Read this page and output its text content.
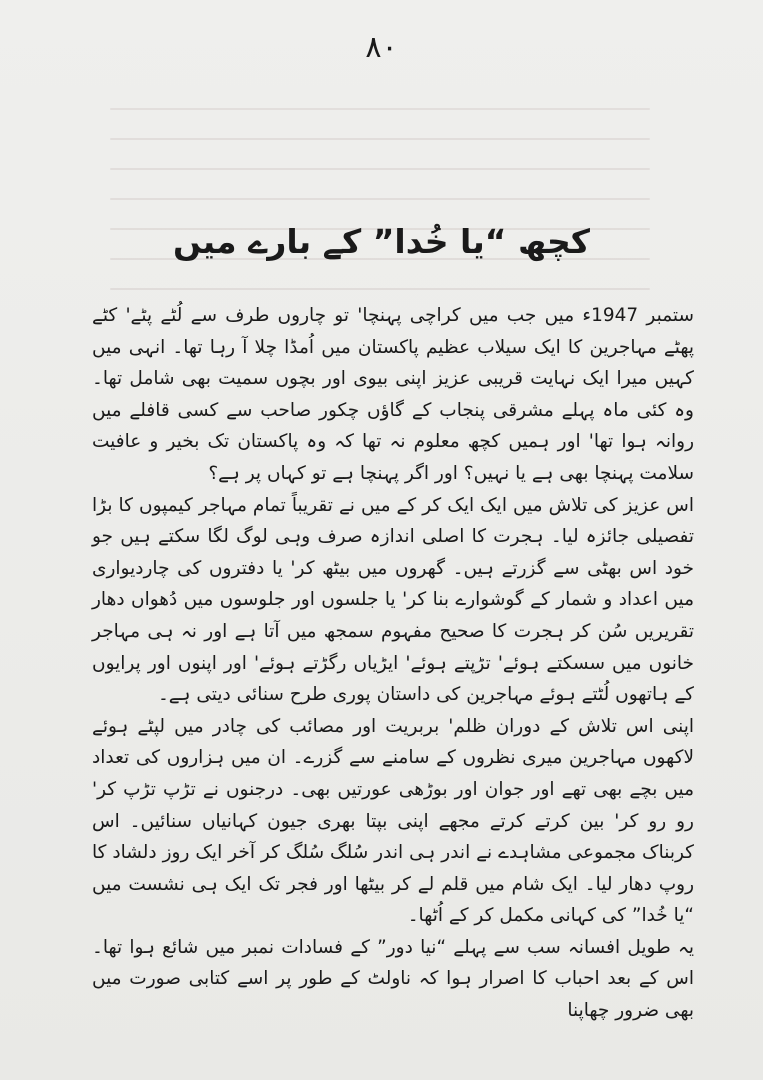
۸۰
کچھ “یا خُدا” کے بارے میں

ستمبر 1947ء میں جب میں کراچی پہنچا' تو چاروں طرف سے لُٹے پٹے' کٹے پھٹے مہاجرین کا ایک سیلاب عظیم پاکستان میں اُمڈا چلا آ رہا تھا۔ انہی میں کہیں میرا ایک نہایت قریبی عزیز اپنی بیوی اور بچوں سمیت بھی شامل تھا۔ وہ کئی ماہ پہلے مشرقی پنجاب کے گاؤں چکور صاحب سے کسی قافلے میں روانہ ہوا تھا' اور ہمیں کچھ معلوم نہ تھا کہ وہ پاکستان تک بخیر و عافیت سلامت پہنچا بھی ہے یا نہیں؟ اور اگر پہنچا ہے تو کہاں پر ہے؟

اس عزیز کی تلاش میں ایک ایک کر کے میں نے تقریباً تمام مہاجر کیمپوں کا بڑا تفصیلی جائزہ لیا۔ ہجرت کا اصلی اندازہ صرف وہی لوگ لگا سکتے ہیں جو خود اس بھٹی سے گزرتے ہیں۔ گھروں میں بیٹھ کر' یا دفتروں کی چاردیواری میں اعداد و شمار کے گوشوارے بنا کر' یا جلسوں اور جلوسوں میں دُھواں دھار تقریریں سُن کر ہجرت کا صحیح مفہوم سمجھ میں آتا ہے اور نہ ہی مہاجر خانوں میں سسکتے ہوئے' تڑپتے ہوئے' ایڑیاں رگڑتے ہوئے' اور اپنوں اور پرایوں کے ہاتھوں لُٹتے ہوئے مہاجرین کی داستان پوری طرح سنائی دیتی ہے۔

اپنی اس تلاش کے دوران ظلم' بربریت اور مصائب کی چادر میں لپٹے ہوئے لاکھوں مہاجرین میری نظروں کے سامنے سے گزرے۔ ان میں ہزاروں کی تعداد میں بچے بھی تھے اور جوان اور بوڑھی عورتیں بھی۔ درجنوں نے تڑپ تڑپ کر' رو رو کر' بین کرتے کرتے مجھے اپنی بپتا بھری جیون کہانیاں سنائیں۔ اس کربناک مجموعی مشاہدے نے اندر ہی اندر سُلگ سُلگ کر آخر ایک روز دلشاد کا روپ دھار لیا۔ ایک شام میں قلم لے کر بیٹھا اور فجر تک ایک ہی نشست میں “یا خُدا” کی کہانی مکمل کر کے اُٹھا۔

یہ طویل افسانہ سب سے پہلے “نیا دور” کے فسادات نمبر میں شائع ہوا تھا۔ اس کے بعد احباب کا اصرار ہوا کہ ناولٹ کے طور پر اسے کتابی صورت میں بھی ضرور چھاپنا
